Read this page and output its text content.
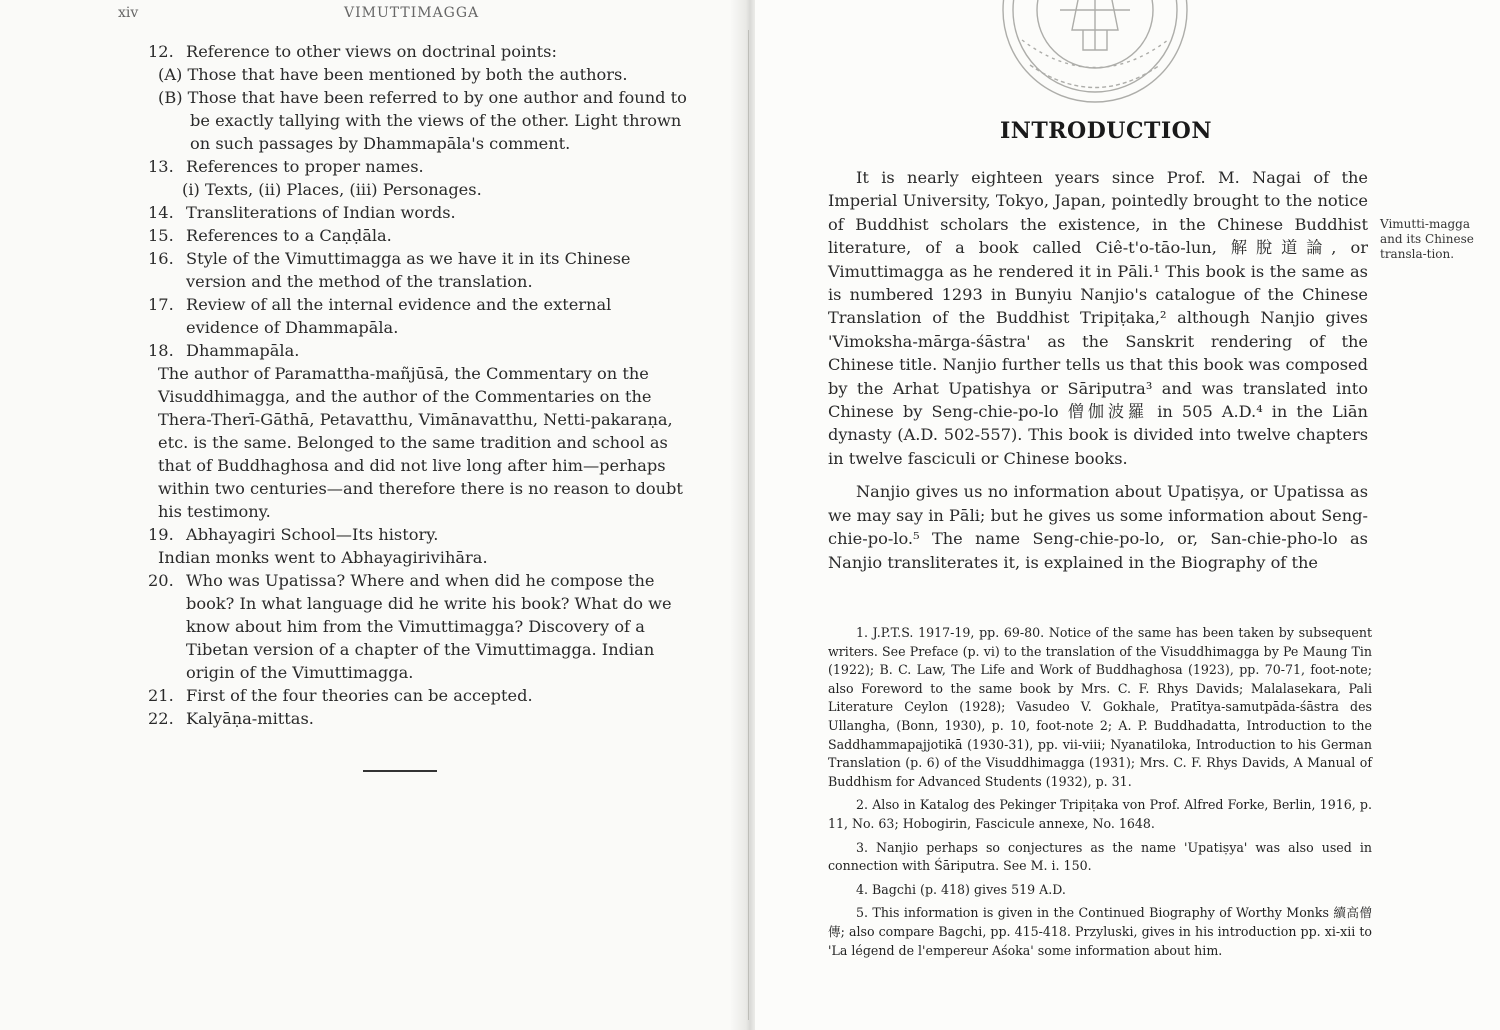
xiv	VIMUTTIMAGGA
12. Reference to other views on doctrinal points:
(A) Those that have been mentioned by both the authors.
(B) Those that have been referred to by one author and found to be exactly tallying with the views of the other. Light thrown on such passages by Dhammapāla's comment.
13. References to proper names.
(i) Texts, (ii) Places, (iii) Personages.
14. Transliterations of Indian words.
15. References to a Caṇḍāla.
16. Style of the Vimuttimagga as we have it in its Chinese version and the method of the translation.
17. Review of all the internal evidence and the external evidence of Dhammapāla.
18. Dhammapāla.
The author of Paramattha-mañjūsā, the Commentary on the Visuddhimagga, and the author of the Commentaries on the Thera-Therī-Gāthā, Petavatthu, Vimānavatthu, Netti-pakaraṇa, etc. is the same. Belonged to the same tradition and school as that of Buddhaghosa and did not live long after him—perhaps within two centuries—and therefore there is no reason to doubt his testimony.
19. Abhayagiri School—Its history.
Indian monks went to Abhayagirivihāra.
20. Who was Upatissa? Where and when did he compose the book? In what language did he write his book? What do we know about him from the Vimuttimagga? Discovery of a Tibetan version of a chapter of the Vimuttimagga. Indian origin of the Vimuttimagga.
21. First of the four theories can be accepted.
22. Kalyāṇa-mittas.
INTRODUCTION

It is nearly eighteen years since Prof. M. Nagai of the Imperial University, Tokyo, Japan, pointedly brought to the notice of Buddhist scholars the existence, in the Chinese Buddhist literature, of a book called Ciê-t'o-tāo-lun, 解脫道論, or Vimuttimagga as he rendered it in Pāli.¹ This book is the same as is numbered 1293 in Bunyiu Nanjio's catalogue of the Chinese Translation of the Buddhist Tripiṭaka,² although Nanjio gives 'Vimoksha-mārga-śāstra' as the Sanskrit rendering of the Chinese title. Nanjio further tells us that this book was composed by the Arhat Upatishya or Sāriputra³ and was translated into Chinese by Seng-chie-po-lo 僧伽波羅 in 505 A.D.⁴ in the Liān dynasty (A.D. 502-557). This book is divided into twelve chapters in twelve fasciculi or Chinese books.

Nanjio gives us no information about Upatiṣya, or Upatissa as we may say in Pāli; but he gives us some information about Seng-chie-po-lo.⁵ The name Seng-chie-po-lo, or, San-chie-pho-lo as Nanjio transliterates it, is explained in the Biography of the

Vimutti-magga and its Chinese transla-tion.
1. J.P.T.S. 1917-19, pp. 69-80. Notice of the same has been taken by subsequent writers. See Preface (p. vi) to the translation of the Visuddhimagga by Pe Maung Tin (1922); B. C. Law, The Life and Work of Buddhaghosa (1923), pp. 70-71, foot-note; also Foreword to the same book by Mrs. C. F. Rhys Davids; Malalasekara, Pali Literature Ceylon (1928); Vasudeo V. Gokhale, Pratītya-samutpāda-śāstra des Ullangha, (Bonn, 1930), p. 10, foot-note 2; A. P. Buddhadatta, Introduction to the Saddhammapajjotikā (1930-31), pp. vii-viii; Nyanatiloka, Introduction to his German Translation (p. 6) of the Visuddhimagga (1931); Mrs. C. F. Rhys Davids, A Manual of Buddhism for Advanced Students (1932), p. 31.
2. Also in Katalog des Pekinger Tripiṭaka von Prof. Alfred Forke, Berlin, 1916, p. 11, No. 63; Hobogirin, Fascicule annexe, No. 1648.
3. Nanjio perhaps so conjectures as the name 'Upatiṣya' was also used in connection with Śāriputra. See M. i. 150.
4. Bagchi (p. 418) gives 519 A.D.
5. This information is given in the Continued Biography of Worthy Monks 續高僧傳; also compare Bagchi, pp. 415-418. Przyluski, gives in his introduction pp. xi-xii to 'La légend de l'empereur Aśoka' some information about him.
